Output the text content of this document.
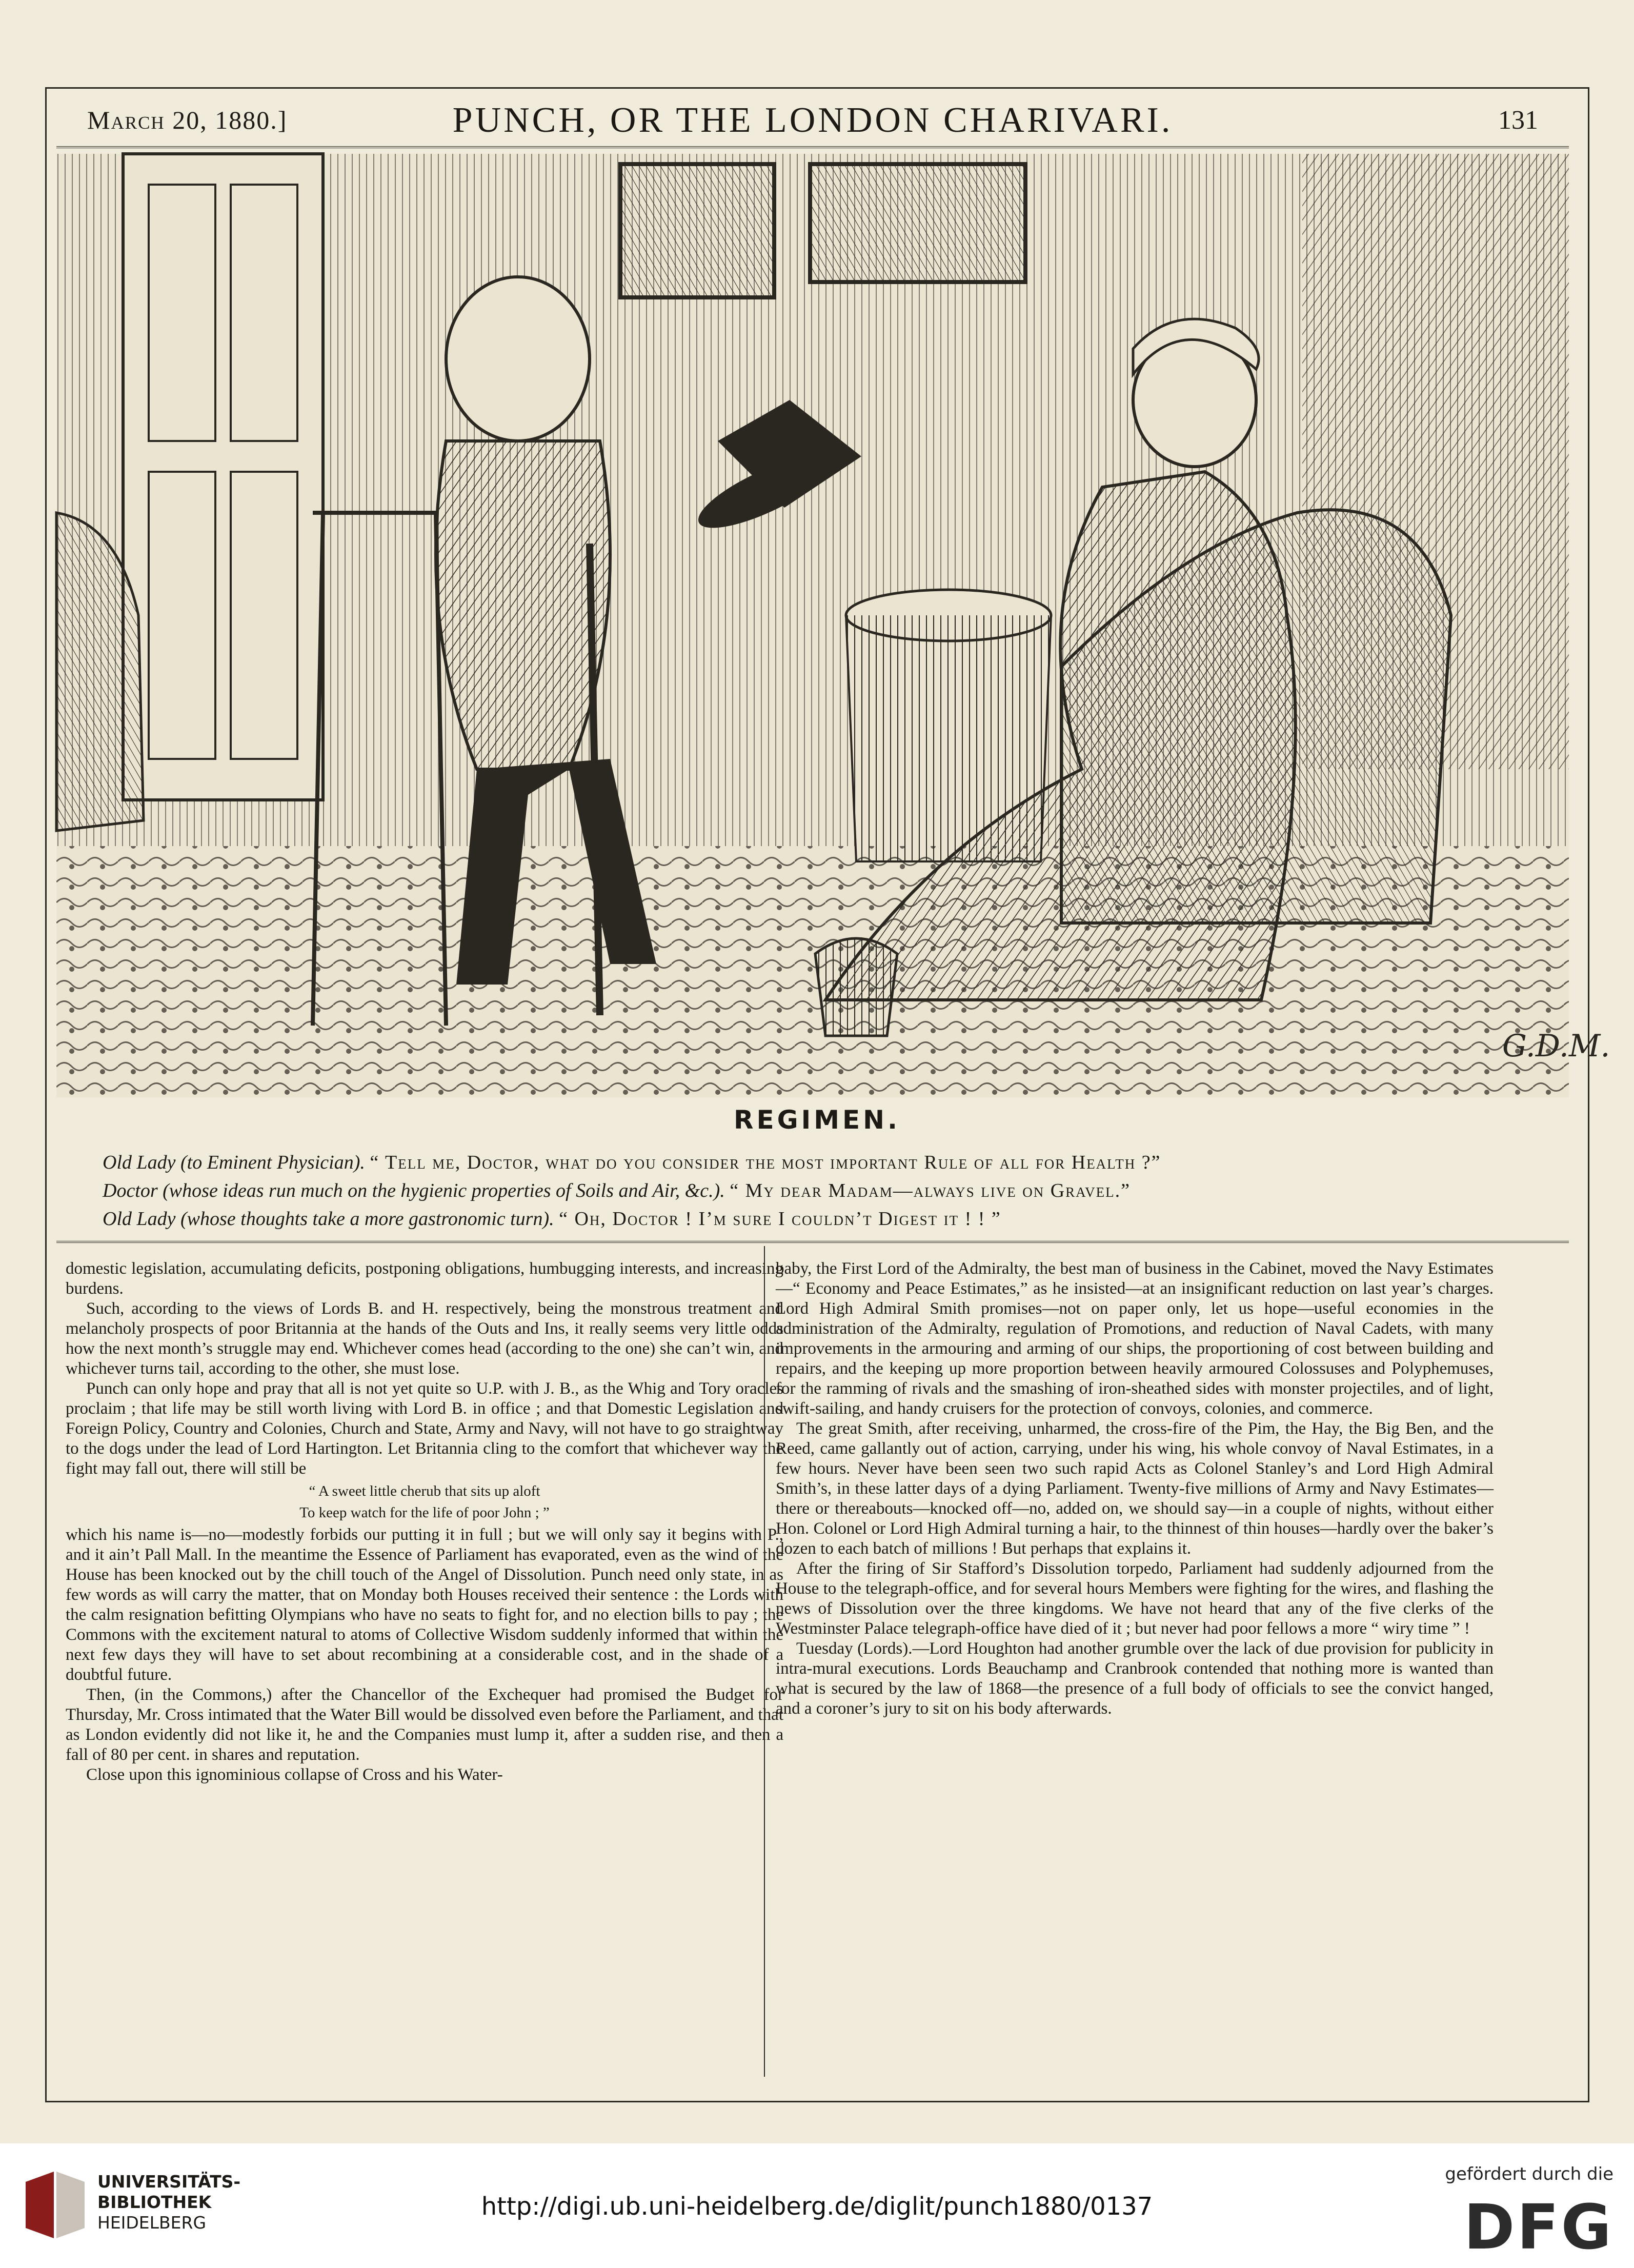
March 20, 1880.]	PUNCH, OR THE LONDON CHARIVARI.	131
G.D.M.
REGIMEN.
Old Lady (to Eminent Physician). “ Tell me, Doctor, what do you consider the most important Rule of all for Health ?”
Doctor (whose ideas run much on the hygienic properties of Soils and Air, &c.). “ My dear Madam—always live on Gravel.”
Old Lady (whose thoughts take a more gastronomic turn). “ Oh, Doctor ! I’m sure I couldn’t Digest it ! ! ”

domestic legislation, accumulating deficits, postponing obligations, humbugging interests, and increasing burdens.

Such, according to the views of Lords B. and H. respectively, being the monstrous treatment and melancholy prospects of poor Britannia at the hands of the Outs and Ins, it really seems very little odds how the next month’s struggle may end. Whichever comes head (according to the one) she can’t win, and whichever turns tail, according to the other, she must lose.

Punch can only hope and pray that all is not yet quite so U.P. with J. B., as the Whig and Tory oracles proclaim ; that life may be still worth living with Lord B. in office ; and that Domestic Legislation and Foreign Policy, Country and Colonies, Church and State, Army and Navy, will not have to go straightway to the dogs under the lead of Lord Hartington. Let Britannia cling to the comfort that whichever way the fight may fall out, there will still be

“ A sweet little cherub that sits up aloft

To keep watch for the life of poor John ; ”

which his name is—no—modestly forbids our putting it in full ; but we will only say it begins with P., and it ain’t Pall Mall. In the meantime the Essence of Parliament has evaporated, even as the wind of the House has been knocked out by the chill touch of the Angel of Dissolution. Punch need only state, in as few words as will carry the matter, that on Monday both Houses received their sentence : the Lords with the calm resignation befitting Olympians who have no seats to fight for, and no election bills to pay ; the Commons with the excitement natural to atoms of Collective Wisdom suddenly informed that within the next few days they will have to set about recombining at a considerable cost, and in the shade of a doubtful future.

Then, (in the Commons,) after the Chancellor of the Exchequer had promised the Budget for Thursday, Mr. Cross intimated that the Water Bill would be dissolved even before the Parliament, and that as London evidently did not like it, he and the Companies must lump it, after a sudden rise, and then a fall of 80 per cent. in shares and reputation.

Close upon this ignominious collapse of Cross and his Water-

baby, the First Lord of the Admiralty, the best man of business in the Cabinet, moved the Navy Estimates—“ Economy and Peace Estimates,” as he insisted—at an insignificant reduction on last year’s charges. Lord High Admiral Smith promises—not on paper only, let us hope—useful economies in the administration of the Admiralty, regulation of Promotions, and reduction of Naval Cadets, with many improvements in the armouring and arming of our ships, the proportioning of cost between building and repairs, and the keeping up more proportion between heavily armoured Colossuses and Polyphemuses, for the ramming of rivals and the smashing of iron-sheathed sides with monster projectiles, and of light, swift-sailing, and handy cruisers for the protection of convoys, colonies, and commerce.

The great Smith, after receiving, unharmed, the cross-fire of the Pim, the Hay, the Big Ben, and the Reed, came gallantly out of action, carrying, under his wing, his whole convoy of Naval Estimates, in a few hours. Never have been seen two such rapid Acts as Colonel Stanley’s and Lord High Admiral Smith’s, in these latter days of a dying Parliament. Twenty-five millions of Army and Navy Estimates—there or thereabouts—knocked off—no, added on, we should say—in a couple of nights, without either Hon. Colonel or Lord High Admiral turning a hair, to the thinnest of thin houses—hardly over the baker’s dozen to each batch of millions ! But perhaps that explains it.

After the firing of Sir Stafford’s Dissolution torpedo, Parliament had suddenly adjourned from the House to the telegraph-office, and for several hours Members were fighting for the wires, and flashing the news of Dissolution over the three kingdoms. We have not heard that any of the five clerks of the Westminster Palace telegraph-office have died of it ; but never had poor fellows a more “ wiry time ” !

Tuesday (Lords).—Lord Houghton had another grumble over the lack of due provision for publicity in intra-mural executions. Lords Beauchamp and Cranbrook contended that nothing more is wanted than what is secured by the law of 1868—the presence of a full body of officials to see the convict hanged, and a coroner’s jury to sit on his body afterwards.

UNIVERSITÄTS-
BIBLIOTHEK
HEIDELBERG
http://digi.ub.uni-heidelberg.de/diglit/punch1880/0137
gefördert durch die
DFG
